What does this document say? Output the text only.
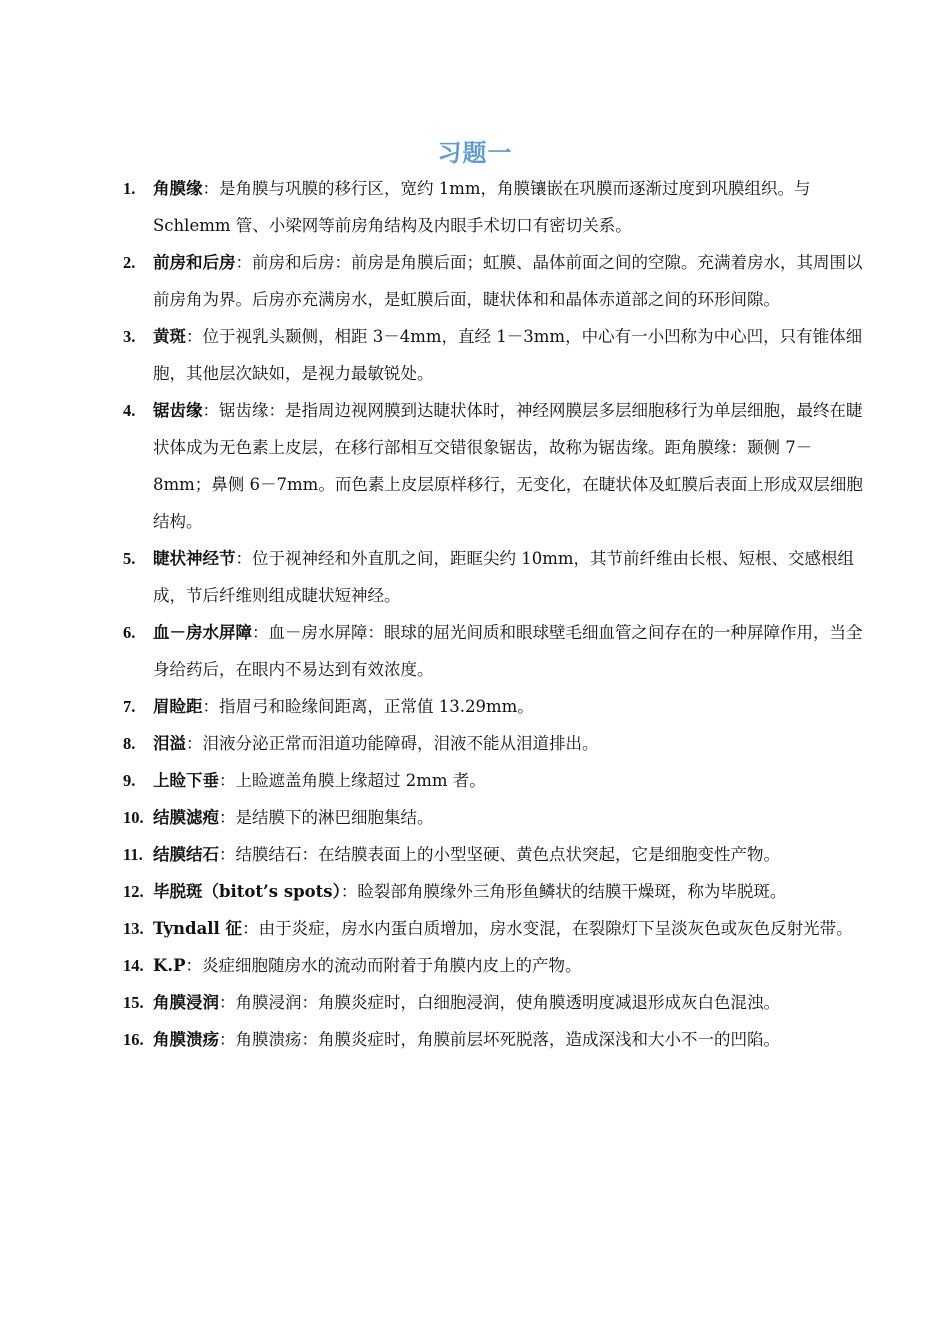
习题一
1. 角膜缘：是角膜与巩膜的移行区，宽约 1mm，角膜镶嵌在巩膜而逐渐过度到巩膜组织。与 Schlemm 管、小梁网等前房角结构及内眼手术切口有密切关系。
2. 前房和后房：前房和后房：前房是角膜后面；虹膜、晶体前面之间的空隙。充满着房水，其周围以前房角为界。后房亦充满房水，是虹膜后面，睫状体和和晶体赤道部之间的环形间隙。
3. 黄斑：位于视乳头颞侧，相距 3－4mm，直经 1－3mm，中心有一小凹称为中心凹，只有锥体细胞，其他层次缺如，是视力最敏锐处。
4. 锯齿缘：锯齿缘：是指周边视网膜到达睫状体时，神经网膜层多层细胞移行为单层细胞，最终在睫状体成为无色素上皮层，在移行部相互交错很象锯齿，故称为锯齿缘。距角膜缘：颞侧 7－8mm；鼻侧 6－7mm。而色素上皮层原样移行，无变化，在睫状体及虹膜后表面上形成双层细胞结构。
5. 睫状神经节：位于视神经和外直肌之间，距眶尖约 10mm，其节前纤维由长根、短根、交感根组成，节后纤维则组成睫状短神经。
6. 血－房水屏障：血－房水屏障：眼球的屈光间质和眼球壁毛细血管之间存在的一种屏障作用，当全身给药后，在眼内不易达到有效浓度。
7. 眉睑距：指眉弓和睑缘间距离，正常值 13.29mm。
8. 泪溢：泪液分泌正常而泪道功能障碍，泪液不能从泪道排出。
9. 上睑下垂：上睑遮盖角膜上缘超过 2mm 者。
10. 结膜滤疱：是结膜下的淋巴细胞集结。
11. 结膜结石：结膜结石：在结膜表面上的小型坚硬、黄色点状突起，它是细胞变性产物。
12. 毕脱斑（bitot’s spots）：睑裂部角膜缘外三角形鱼鳞状的结膜干燥斑，称为毕脱斑。
13. Tyndall 征：由于炎症，房水内蛋白质增加，房水变混，在裂隙灯下呈淡灰色或灰色反射光带。
14. K.P：炎症细胞随房水的流动而附着于角膜内皮上的产物。
15. 角膜浸润：角膜浸润：角膜炎症时，白细胞浸润，使角膜透明度减退形成灰白色混浊。
16. 角膜溃疡：角膜溃疡：角膜炎症时，角膜前层坏死脱落，造成深浅和大小不一的凹陷。
